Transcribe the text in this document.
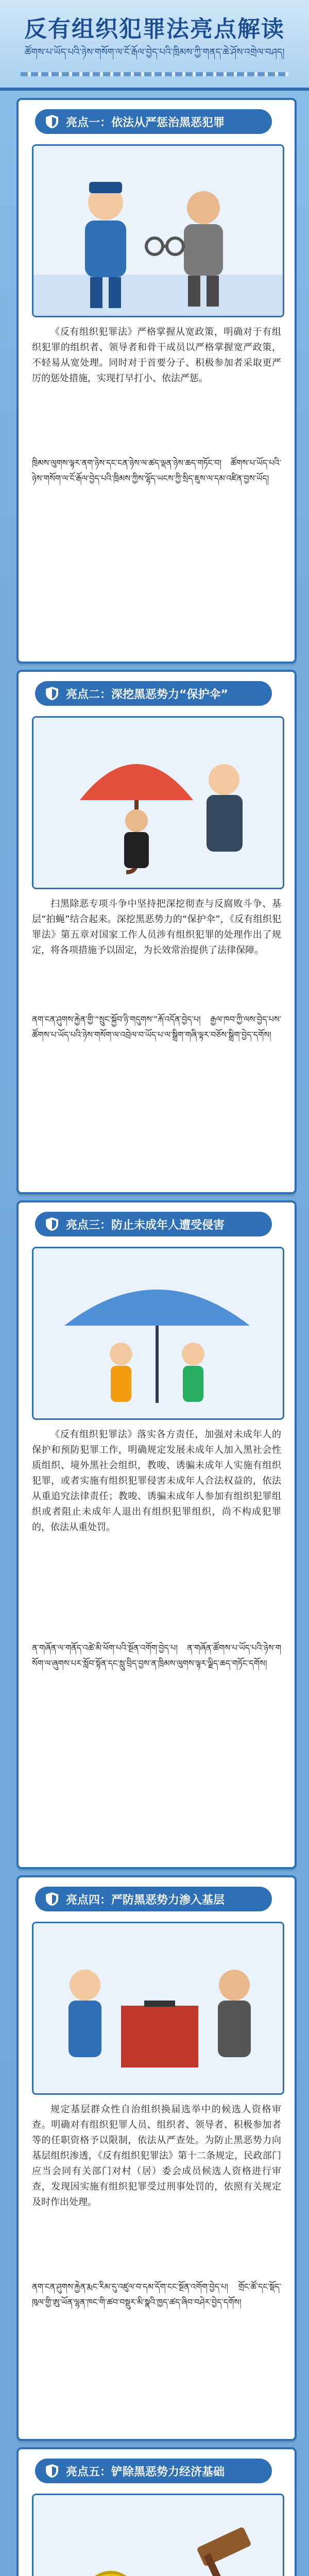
反有组织犯罪法亮点解读
ཚོགས་པ་ཡོད་པའི་ཉེས་གསོག་ལ་ངོ་རྒོལ་བྱེད་པའི་ཁྲིམས་ཀྱི་གནད་ཆེ་ཤོས་འགྲེལ་བཤད།
亮点一：依法从严惩治黑恶犯罪
《反有组织犯罪法》严格掌握从宽政策，明确对于有组织犯罪的组织者、领导者和骨干成员以严格掌握宽严政策，不轻易从宽处理。同时对于首要分子、积极参加者采取更严厉的惩处措施，实现打早打小、依法严惩。
ཁྲིམས་ལུགས་ལྟར་ནག་ཉེས་དང་ངན་ཉེས་ལ་ཚད་ལྡན་ཉེས་ཆད་གཏོང་བ། ཚོགས་པ་ཡོད་པའི་ཉེས་གསོག་ལ་ངོ་རྒོལ་བྱེད་པའི་ཁྲིམས་ཀྱིས་ལྷོད་ཡངས་ཀྱི་སྲིད་ཇུས་ལ་དམ་འཛིན་བྱས་ཡོད།
亮点二：深挖黑恶势力“保护伞”
扫黑除恶专项斗争中坚持把深挖彻查与反腐败斗争、基层“拍蝇”结合起来。深挖黑恶势力的“保护伞”，《反有组织犯罪法》第五章对国家工作人员涉有组织犯罪的处理作出了规定，将各项措施予以固定，为长效常治提供了法律保障。
ནག་ངན་ཤུགས་རྐྱེན་གྱི་“སྲུང་སྐྱོབ་ཉི་གདུགས་”རྐོ་འདོན་བྱེད་པ། རྒྱལ་ཁབ་ཀྱི་ལས་བྱེད་པས་ཚོགས་པ་ཡོད་པའི་ཉེས་གསོག་ལ་འབྲེལ་བ་ཡོད་པ་ལ་སྒྲིག་གཞི་ལྟར་བཅོས་སྒྲིག་བྱེད་དགོས།
亮点三：防止未成年人遭受侵害
《反有组织犯罪法》落实各方责任，加强对未成年人的保护和预防犯罪工作，明确规定发展未成年人加入黑社会性质组织、境外黑社会组织，教唆、诱骗未成年人实施有组织犯罪，或者实施有组织犯罪侵害未成年人合法权益的，依法从重追究法律责任；教唆、诱骗未成年人参加有组织犯罪组织或者阻止未成年人退出有组织犯罪组织，尚不构成犯罪的，依法从重处罚。
ན་གཞོན་ལ་གནོད་འཚེ་མི་ཕོག་པའི་སྔོན་འགོག་བྱེད་པ། ན་གཞོན་ཚོགས་པ་ཡོད་པའི་ཉེས་གསོག་ལ་ཞུགས་པར་སློབ་སྟོན་དང་སླུ་བྲིད་བྱས་ན་ཁྲིམས་ལུགས་ལྟར་ལྗིད་ཆད་གཏོང་དགོས།
亮点四：严防黑恶势力渗入基层
规定基层群众性自治组织换届选举中的候选人资格审查。明确对有组织犯罪人员、组织者、领导者、积极参加者等的任职资格予以限制，依法从严查处。为防止黑恶势力向基层组织渗透，《反有组织犯罪法》第十二条规定，民政部门应当会同有关部门对村（居）委会成员候选人资格进行审查，发现因实施有组织犯罪受过刑事处罚的，依照有关规定及时作出处理。
ནག་ངན་ཤུགས་རྐྱེན་རྨང་རིམ་དུ་འཛུལ་བ་དམ་དོག་ངང་སྔོན་འགོག་བྱེད་པ། གྲོང་ཚོ་དང་སྡོད་ཁུལ་གྱི་ཨུ་ཡོན་ལྷན་ཁང་གི་ཚབ་བསྡུར་མི་སྣའི་ཁྱད་ཚད་ཞིབ་བཤེར་བྱེད་དགོས།
亮点五：铲除黑恶势力经济基础
